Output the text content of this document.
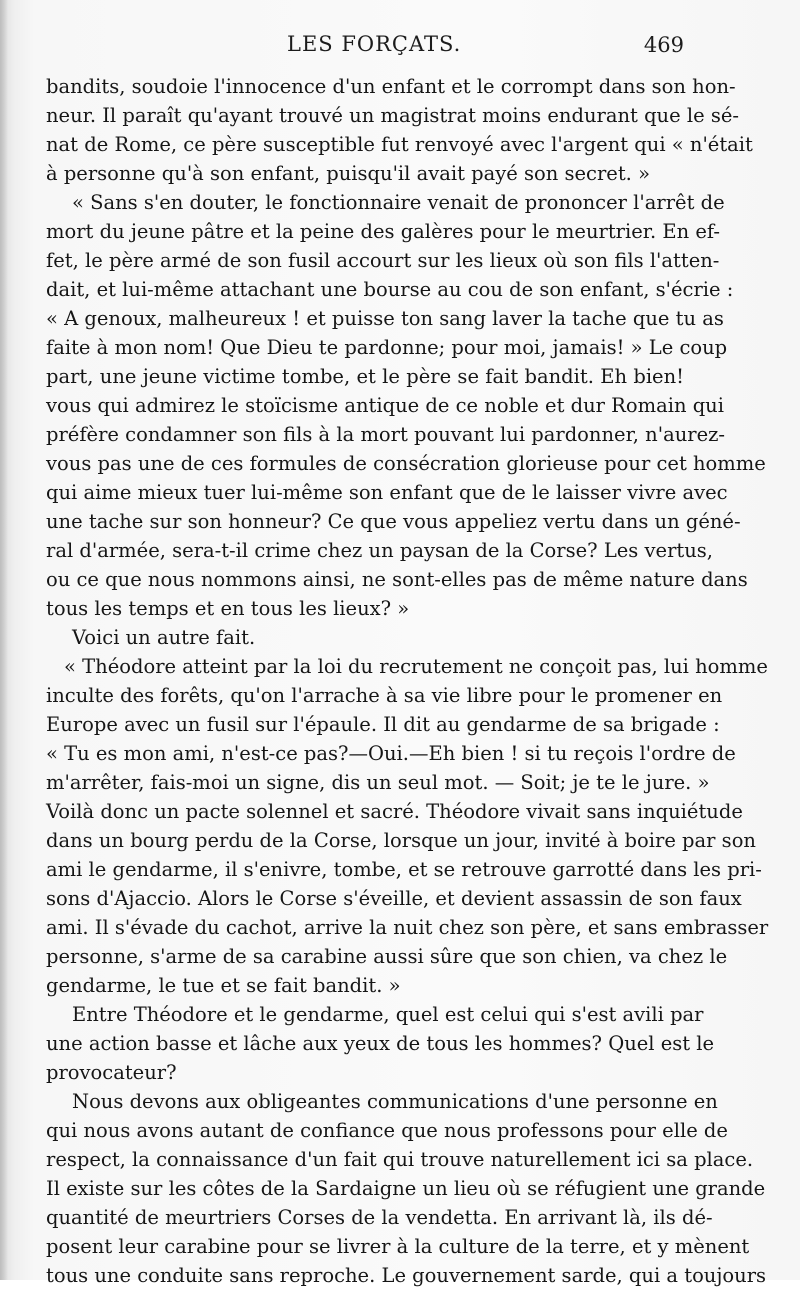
LES FORÇATS.	469
bandits, soudoie l'innocence d'un enfant et le corrompt dans son hon-
neur. Il paraît qu'ayant trouvé un magistrat moins endurant que le sé-
nat de Rome, ce père susceptible fut renvoyé avec l'argent qui « n'était
à personne qu'à son enfant, puisqu'il avait payé son secret. »
« Sans s'en douter, le fonctionnaire venait de prononcer l'arrêt de
mort du jeune pâtre et la peine des galères pour le meurtrier. En ef-
fet, le père armé de son fusil accourt sur les lieux où son fils l'atten-
dait, et lui-même attachant une bourse au cou de son enfant, s'écrie :
« A genoux, malheureux ! et puisse ton sang laver la tache que tu as
faite à mon nom! Que Dieu te pardonne; pour moi, jamais! » Le coup
part, une jeune victime tombe, et le père se fait bandit. Eh bien!
vous qui admirez le stoïcisme antique de ce noble et dur Romain qui
préfère condamner son fils à la mort pouvant lui pardonner, n'aurez-
vous pas une de ces formules de consécration glorieuse pour cet homme
qui aime mieux tuer lui-même son enfant que de le laisser vivre avec
une tache sur son honneur? Ce que vous appeliez vertu dans un géné-
ral d'armée, sera-t-il crime chez un paysan de la Corse? Les vertus,
ou ce que nous nommons ainsi, ne sont-elles pas de même nature dans
tous les temps et en tous les lieux? »
Voici un autre fait.
« Théodore atteint par la loi du recrutement ne conçoit pas, lui homme
inculte des forêts, qu'on l'arrache à sa vie libre pour le promener en
Europe avec un fusil sur l'épaule. Il dit au gendarme de sa brigade :
« Tu es mon ami, n'est-ce pas?—Oui.—Eh bien ! si tu reçois l'ordre de
m'arrêter, fais-moi un signe, dis un seul mot. — Soit; je te le jure. »
Voilà donc un pacte solennel et sacré. Théodore vivait sans inquiétude
dans un bourg perdu de la Corse, lorsque un jour, invité à boire par son
ami le gendarme, il s'enivre, tombe, et se retrouve garrotté dans les pri-
sons d'Ajaccio. Alors le Corse s'éveille, et devient assassin de son faux
ami. Il s'évade du cachot, arrive la nuit chez son père, et sans embrasser
personne, s'arme de sa carabine aussi sûre que son chien, va chez le
gendarme, le tue et se fait bandit. »
Entre Théodore et le gendarme, quel est celui qui s'est avili par
une action basse et lâche aux yeux de tous les hommes? Quel est le
provocateur?
Nous devons aux obligeantes communications d'une personne en
qui nous avons autant de confiance que nous professons pour elle de
respect, la connaissance d'un fait qui trouve naturellement ici sa place.
Il existe sur les côtes de la Sardaigne un lieu où se réfugient une grande
quantité de meurtriers Corses de la vendetta. En arrivant là, ils dé-
posent leur carabine pour se livrer à la culture de la terre, et y mènent
tous une conduite sans reproche. Le gouvernement sarde, qui a toujours
